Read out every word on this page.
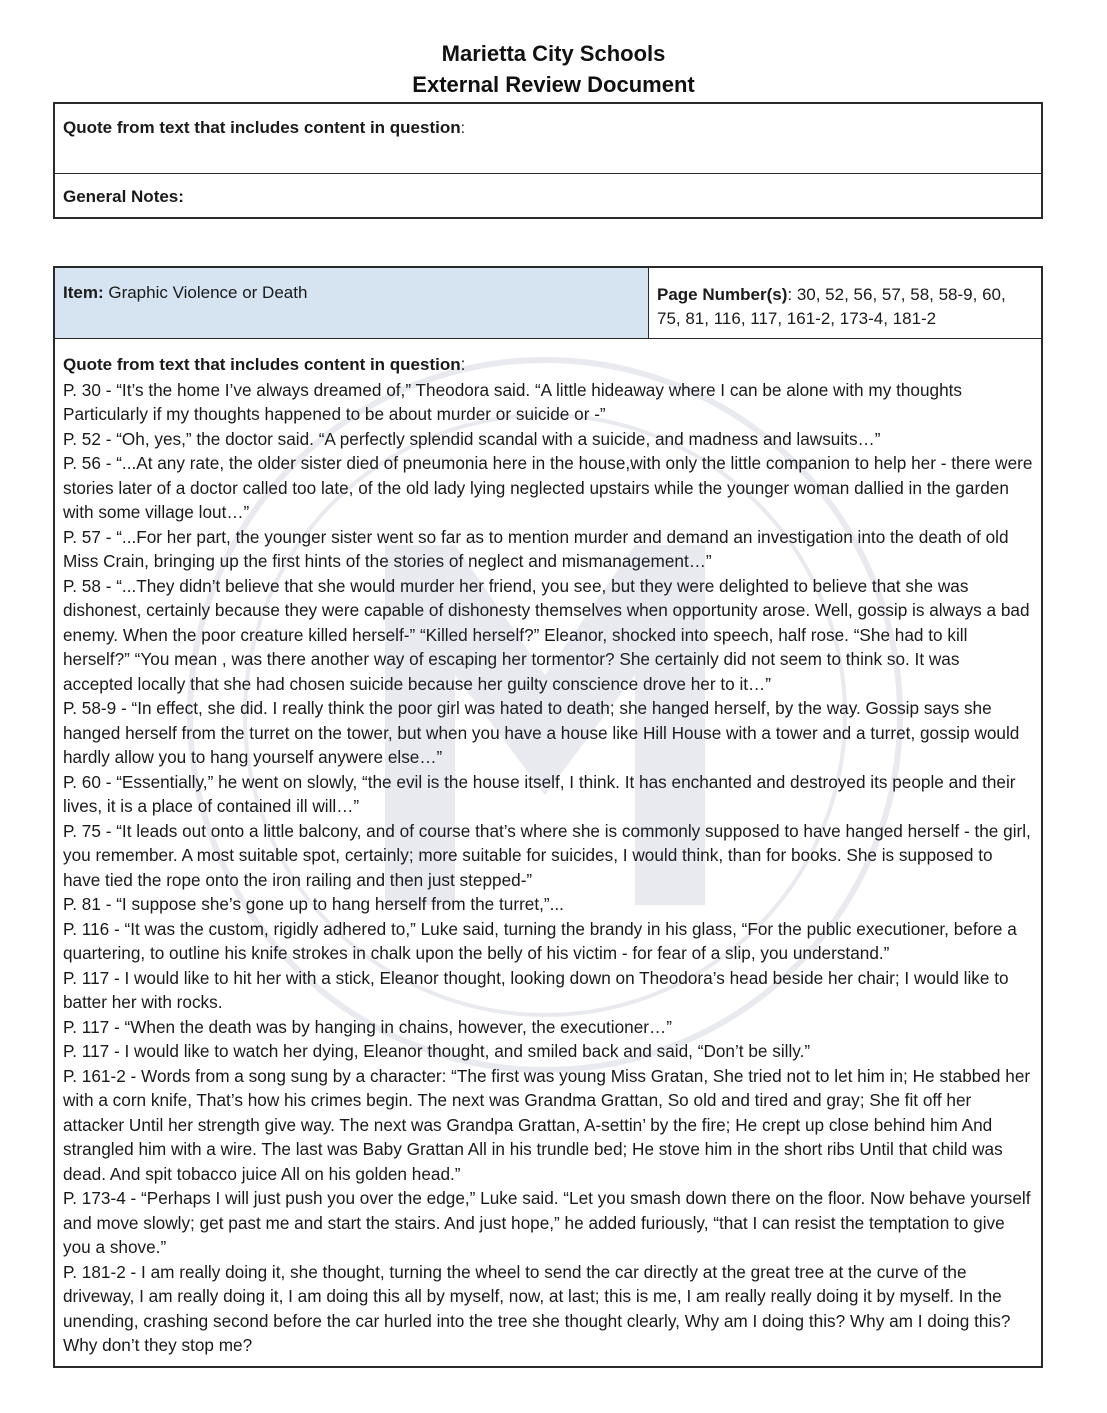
Marietta City Schools
External Review Document
Quote from text that includes content in question:
General Notes:
Item: Graphic Violence or Death	Page Number(s): 30, 52, 56, 57, 58, 58-9, 60, 75, 81, 116, 117, 161-2, 173-4, 181-2
Quote from text that includes content in question:

P. 30 - “It’s the home I’ve always dreamed of,” Theodora said. “A little hideaway where I can be alone with my thoughts Particularly if my thoughts happened to be about murder or suicide or -”

P. 52 - “Oh, yes,” the doctor said. “A perfectly splendid scandal with a suicide, and madness and lawsuits…”

P. 56 - “...At any rate, the older sister died of pneumonia here in the house,with only the little companion to help her - there were stories later of a doctor called too late, of the old lady lying neglected upstairs while the younger woman dallied in the garden with some village lout…”

P. 57 - “...For her part, the younger sister went so far as to mention murder and demand an investigation into the death of old Miss Crain, bringing up the first hints of the stories of neglect and mismanagement…”

P. 58 - “...They didn’t believe that she would murder her friend, you see, but they were delighted to believe that she was dishonest, certainly because they were capable of dishonesty themselves when opportunity arose. Well, gossip is always a bad enemy. When the poor creature killed herself-” “Killed herself?” Eleanor, shocked into speech, half rose. “She had to kill herself?” “You mean , was there another way of escaping her tormentor? She certainly did not seem to think so. It was accepted locally that she had chosen suicide because her guilty conscience drove her to it…”

P. 58-9 - “In effect, she did. I really think the poor girl was hated to death; she hanged herself, by the way. Gossip says she hanged herself from the turret on the tower, but when you have a house like Hill House with a tower and a turret, gossip would hardly allow you to hang yourself anywere else…”

P. 60 - “Essentially,” he went on slowly, “the evil is the house itself, I think. It has enchanted and destroyed its people and their lives, it is a place of contained ill will…”

P. 75 - “It leads out onto a little balcony, and of course that’s where she is commonly supposed to have hanged herself - the girl, you remember. A most suitable spot, certainly; more suitable for suicides, I would think, than for books. She is supposed to have tied the rope onto the iron railing and then just stepped-”

P. 81 - “I suppose she’s gone up to hang herself from the turret,”...

P. 116 - “It was the custom, rigidly adhered to,” Luke said, turning the brandy in his glass, “For the public executioner, before a quartering, to outline his knife strokes in chalk upon the belly of his victim - for fear of a slip, you understand.”

P. 117 - I would like to hit her with a stick, Eleanor thought, looking down on Theodora’s head beside her chair; I would like to batter her with rocks.

P. 117 - “When the death was by hanging in chains, however, the executioner…”

P. 117 - I would like to watch her dying, Eleanor thought, and smiled back and said, “Don’t be silly.”

P. 161-2 - Words from a song sung by a character: “The first was young Miss Gratan, She tried not to let him in; He stabbed her with a corn knife, That’s how his crimes begin. The next was Grandma Grattan, So old and tired and gray; She fit off her attacker Until her strength give way. The next was Grandpa Grattan, A-settin’ by the fire; He crept up close behind him And strangled him with a wire. The last was Baby Grattan All in his trundle bed; He stove him in the short ribs Until that child was dead. And spit tobacco juice All on his golden head.”

P. 173-4 - “Perhaps I will just push you over the edge,” Luke said. “Let you smash down there on the floor. Now behave yourself and move slowly; get past me and start the stairs. And just hope,” he added furiously, “that I can resist the temptation to give you a shove.”

P. 181-2 - I am really doing it, she thought, turning the wheel to send the car directly at the great tree at the curve of the driveway, I am really doing it, I am doing this all by myself, now, at last; this is me, I am really really doing it by myself. In the unending, crashing second before the car hurled into the tree she thought clearly, Why am I doing this? Why am I doing this? Why don’t they stop me?
